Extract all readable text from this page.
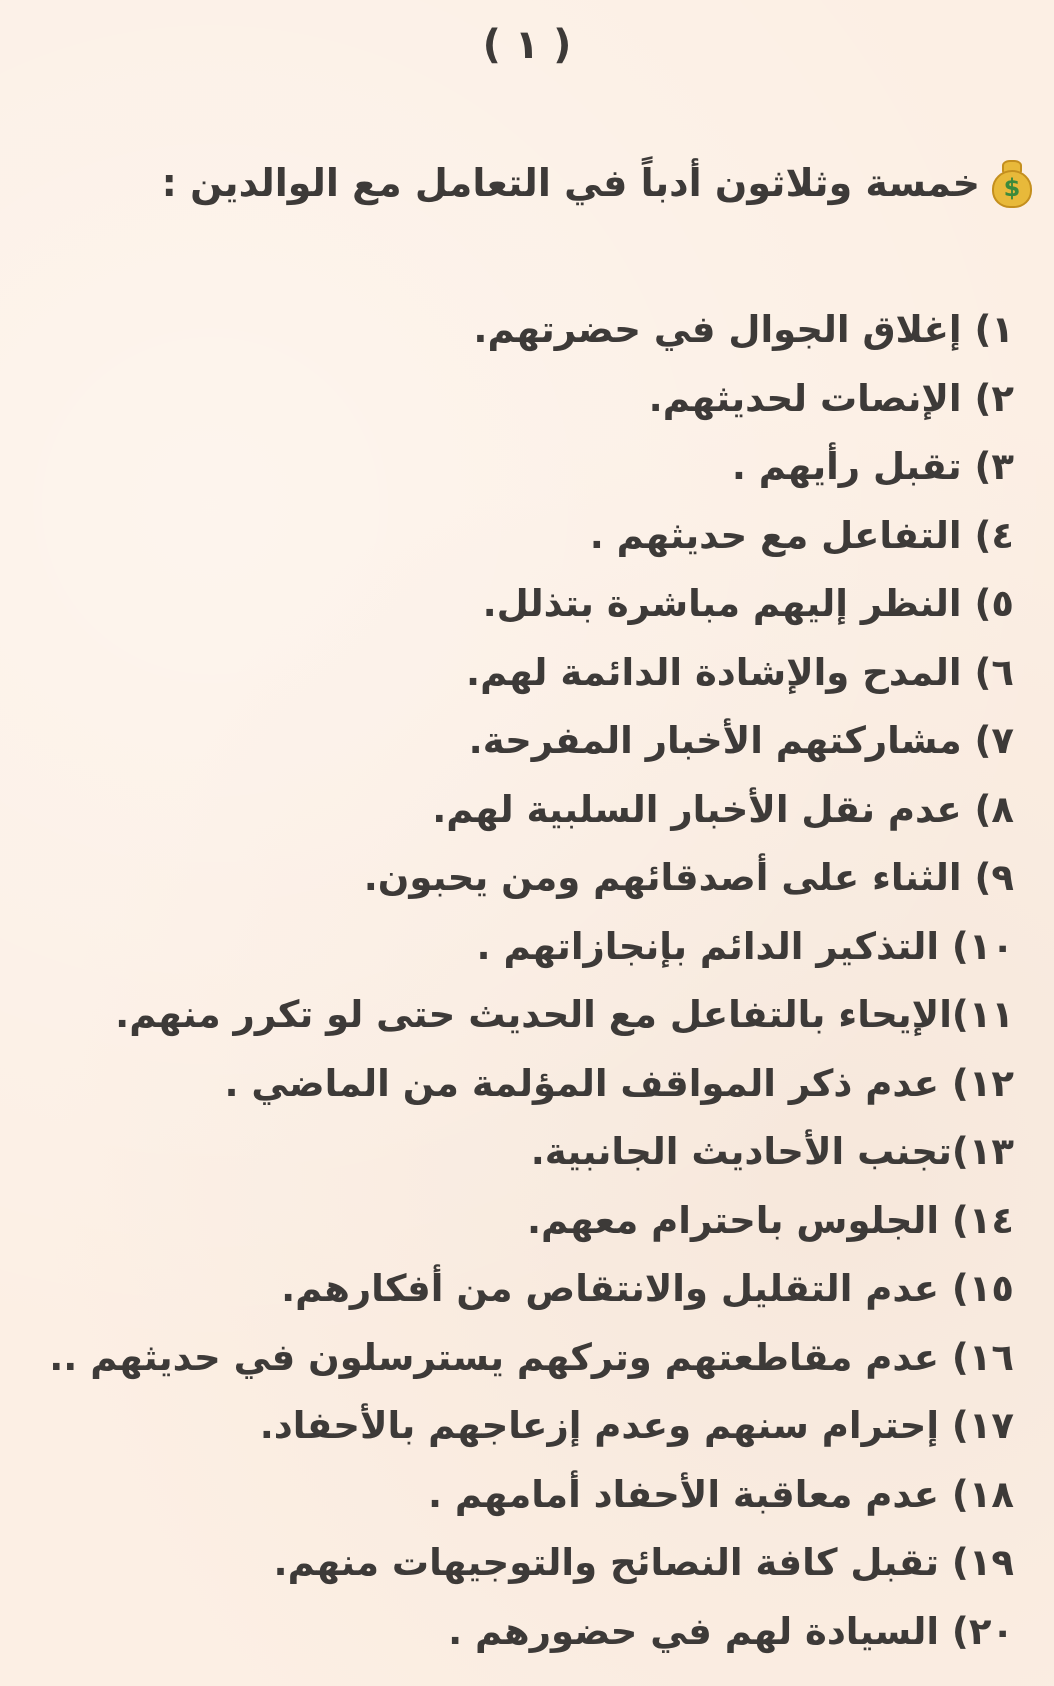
( ١ )
$
خمسة وثلاثون أدباً في التعامل مع الوالدين :
١) إغلاق الجوال في حضرتهم.
٢) الإنصات لحديثهم.
٣) تقبل رأيهم .
٤) التفاعل مع حديثهم .
٥) النظر إليهم مباشرة بتذلل.
٦) المدح والإشادة الدائمة لهم.
٧) مشاركتهم الأخبار المفرحة.
٨) عدم نقل الأخبار السلبية لهم.
٩) الثناء على أصدقائهم ومن يحبون.
١٠) التذكير الدائم بإنجازاتهم .
١١)الإيحاء بالتفاعل مع الحديث حتى لو تكرر منهم.
١٢) عدم ذكر المواقف المؤلمة من الماضي .
١٣)تجنب الأحاديث الجانبية.
١٤) الجلوس باحترام معهم.
١٥) عدم التقليل والانتقاص من أفكارهم.
١٦) عدم مقاطعتهم وتركهم يسترسلون في حديثهم ..
١٧) إحترام سنهم وعدم إزعاجهم بالأحفاد.
١٨) عدم معاقبة الأحفاد أمامهم .
١٩) تقبل كافة النصائح والتوجيهات منهم.
٢٠) السيادة لهم في حضورهم .
